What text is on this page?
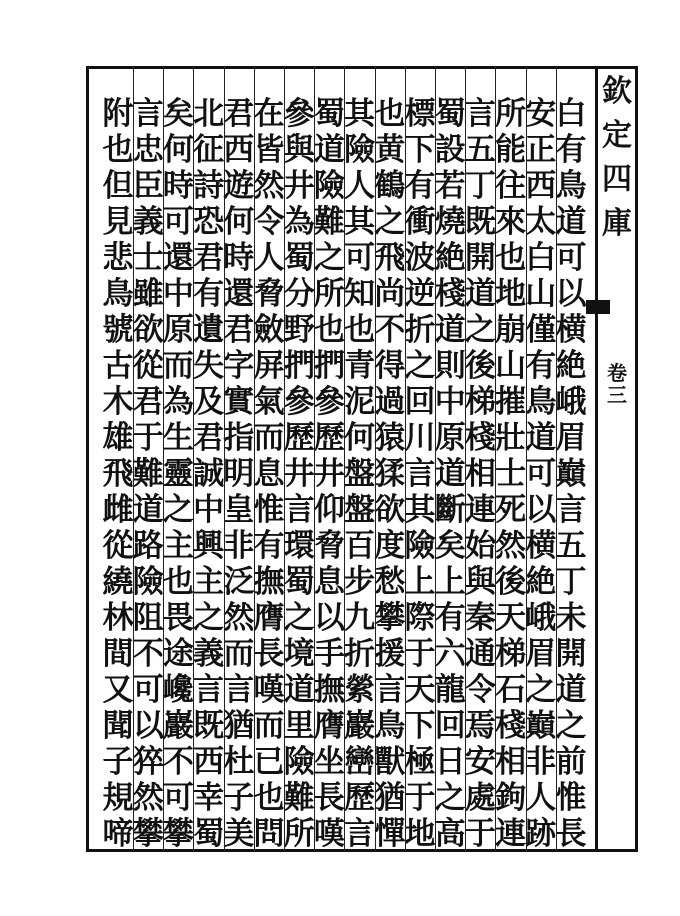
欽
定
四
庫
卷
三
白
有
鳥
道
可
以
横
絶
峨
眉
巔
言
五
丁
未
開
道
之
前
惟
長
安
正
西
太
白
山
僅
有
鳥
道
可
以
横
絶
峨
眉
之
巔
非
人
跡
所
能
往
來
也
地
崩
山
摧
壯
士
死
然
後
天
梯
石
棧
相
鉤
連
言
五
丁
既
開
道
之
後
梯
棧
相
連
始
與
秦
通
令
焉
安
處
于
蜀
設
若
燒
絶
棧
道
則
中
原
道
斷
矣
上
有
六
龍
回
日
之
高
標
下
有
衝
波
逆
折
之
回
川
言
其
險
上
際
于
天
下
極
于
地
也
黄
鶴
之
飛
尚
不
得
過
猿
猱
欲
度
愁
攀
援
言
鳥
獸
猶
憚
其
險
人
其
可
知
也
青
泥
何
盤
盤
百
步
九
折
縈
巖
巒
歷
言
蜀
道
險
難
之
所
也
捫
參
歷
井
仰
脅
息
以
手
撫
膺
坐
長
嘆
參
與
井
為
蜀
分
野
捫
參
歷
井
言
環
蜀
之
境
道
里
險
難
所
在
皆
然
令
人
脅
斂
屏
氣
而
息
惟
有
撫
膺
長
嘆
而
已
也
問
君
西
遊
何
時
還
君
字
實
指
明
皇
非
泛
然
而
言
猶
杜
子
美
北
征
詩
恐
君
有
遺
失
及
君
誠
中
興
主
之
義
言
既
西
幸
蜀
矣
何
時
可
還
中
原
而
為
生
靈
之
主
也
畏
途
巉
巖
不
可
攀
言
忠
臣
義
士
雖
欲
從
君
于
難
道
路
險
阻
不
可
以
猝
然
攀
附
也
但
見
悲
鳥
號
古
木
雄
飛
雌
從
繞
林
間
又
聞
子
規
啼
